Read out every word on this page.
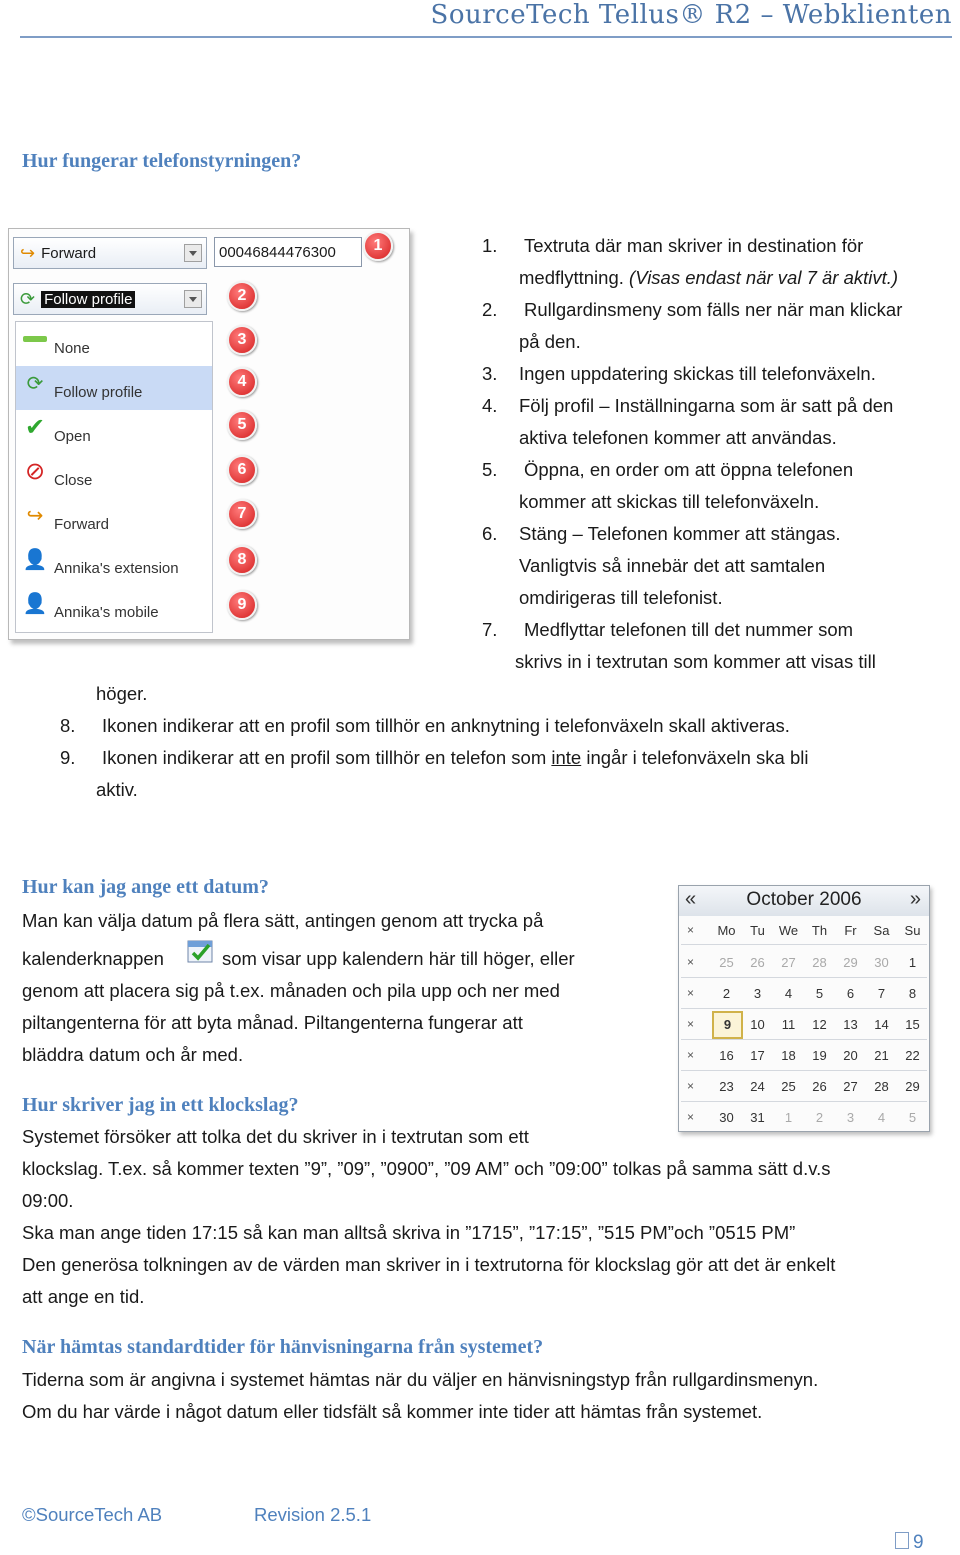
SourceTech Tellus® R2 – Webklienten
Hur fungerar telefonstyrningen?
↪ Forward	00046844476300
⟳ Follow profile
None
⟳ Follow profile
✔ Open
⊘ Close
↪ Forward
👤 Annika's extension
👤 Annika's mobile
1
2
3
4
5
6
7
8
9
1. Textruta där man skriver in destination för
medflyttning. (Visas endast när val 7 är aktivt.)
2. Rullgardinsmeny som fälls ner när man klickar
på den.
3. Ingen uppdatering skickas till telefonväxeln.
4. Följ profil – Inställningarna som är satt på den
aktiva telefonen kommer att användas.
5. Öppna, en order om att öppna telefonen
kommer att skickas till telefonväxeln.
6. Stäng – Telefonen kommer att stängas.
Vanligtvis så innebär det att samtalen
omdirigeras till telefonist.
7. Medflyttar telefonen till det nummer som
skrivs in i textrutan som kommer att visas till
höger.
8. Ikonen indikerar att en profil som tillhör en anknytning i telefonväxeln skall aktiveras.
9. Ikonen indikerar att en profil som tillhör en telefon som inte ingår i telefonväxeln ska bli
aktiv.
Hur kan jag ange ett datum?
Man kan välja datum på flera sätt, antingen genom att trycka på
kalenderknappen	som visar upp kalendern här till höger, eller
genom att placera sig på t.ex. månaden och pila upp och ner med
piltangenterna för att byta månad. Piltangenterna fungerar att
bläddra datum och år med.
October 2006
«	»
×	Mo	Tu	We	Th	Fr	Sa	Su
×	25	26	27	28	29	30	1
×	2	3	4	5	6	7	8
×	9	10	11	12	13	14	15
×	16	17	18	19	20	21	22
×	23	24	25	26	27	28	29
×	30	31	1	2	3	4	5
Hur skriver jag in ett klockslag?
Systemet försöker att tolka det du skriver in i textrutan som ett
klockslag. T.ex. så kommer texten ”9”, ”09”, ”0900”, ”09 AM” och ”09:00” tolkas på samma sätt d.v.s
09:00.
Ska man ange tiden 17:15 så kan man alltså skriva in ”1715”, ”17:15”, ”515 PM”och ”0515 PM”
Den generösa tolkningen av de värden man skriver in i textrutorna för klockslag gör att det är enkelt
att ange en tid.
När hämtas standardtider för hänvisningarna från systemet?
Tiderna som är angivna i systemet hämtas när du väljer en hänvisningstyp från rullgardinsmenyn.
Om du har värde i något datum eller tidsfält så kommer inte tider att hämtas från systemet.
©SourceTech AB	Revision 2.5.1
9
